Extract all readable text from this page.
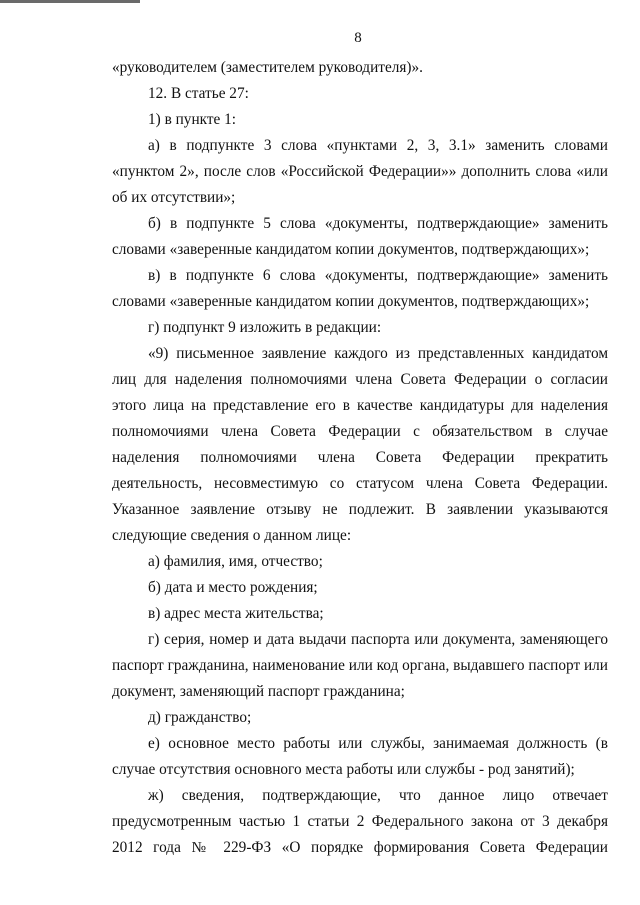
8

«руководителем (заместителем руководителя)».

12. В статье 27:

1) в пункте 1:

а) в подпункте 3 слова «пунктами 2, 3, 3.1» заменить словами «пунктом 2», после слов «Российской Федерации»» дополнить слова «или об их отсутствии»;

б) в подпункте 5 слова «документы, подтверждающие» заменить словами «заверенные кандидатом копии документов, подтверждающих»;

в) в подпункте 6 слова «документы, подтверждающие» заменить словами «заверенные кандидатом копии документов, подтверждающих»;

г) подпункт 9 изложить в редакции:

«9) письменное заявление каждого из представленных кандидатом лиц для наделения полномочиями члена Совета Федерации о согласии этого лица на представление его в качестве кандидатуры для наделения полномочиями члена Совета Федерации с обязательством в случае наделения полномочиями члена Совета Федерации прекратить деятельность, несовместимую со статусом члена Совета Федерации. Указанное заявление отзыву не подлежит. В заявлении указываются следующие сведения о данном лице:

а) фамилия, имя, отчество;

б) дата и место рождения;

в) адрес места жительства;

г) серия, номер и дата выдачи паспорта или документа, заменяющего паспорт гражданина, наименование или код органа, выдавшего паспорт или документ, заменяющий паспорт гражданина;

д) гражданство;

е) основное место работы или службы, занимаемая должность (в случае отсутствия основного места работы или службы - род занятий);

ж) сведения, подтверждающие, что данное лицо отвечает предусмотренным частью 1 статьи 2 Федерального закона от 3 декабря 2012 года № 229-ФЗ «О порядке формирования Совета Федерации
